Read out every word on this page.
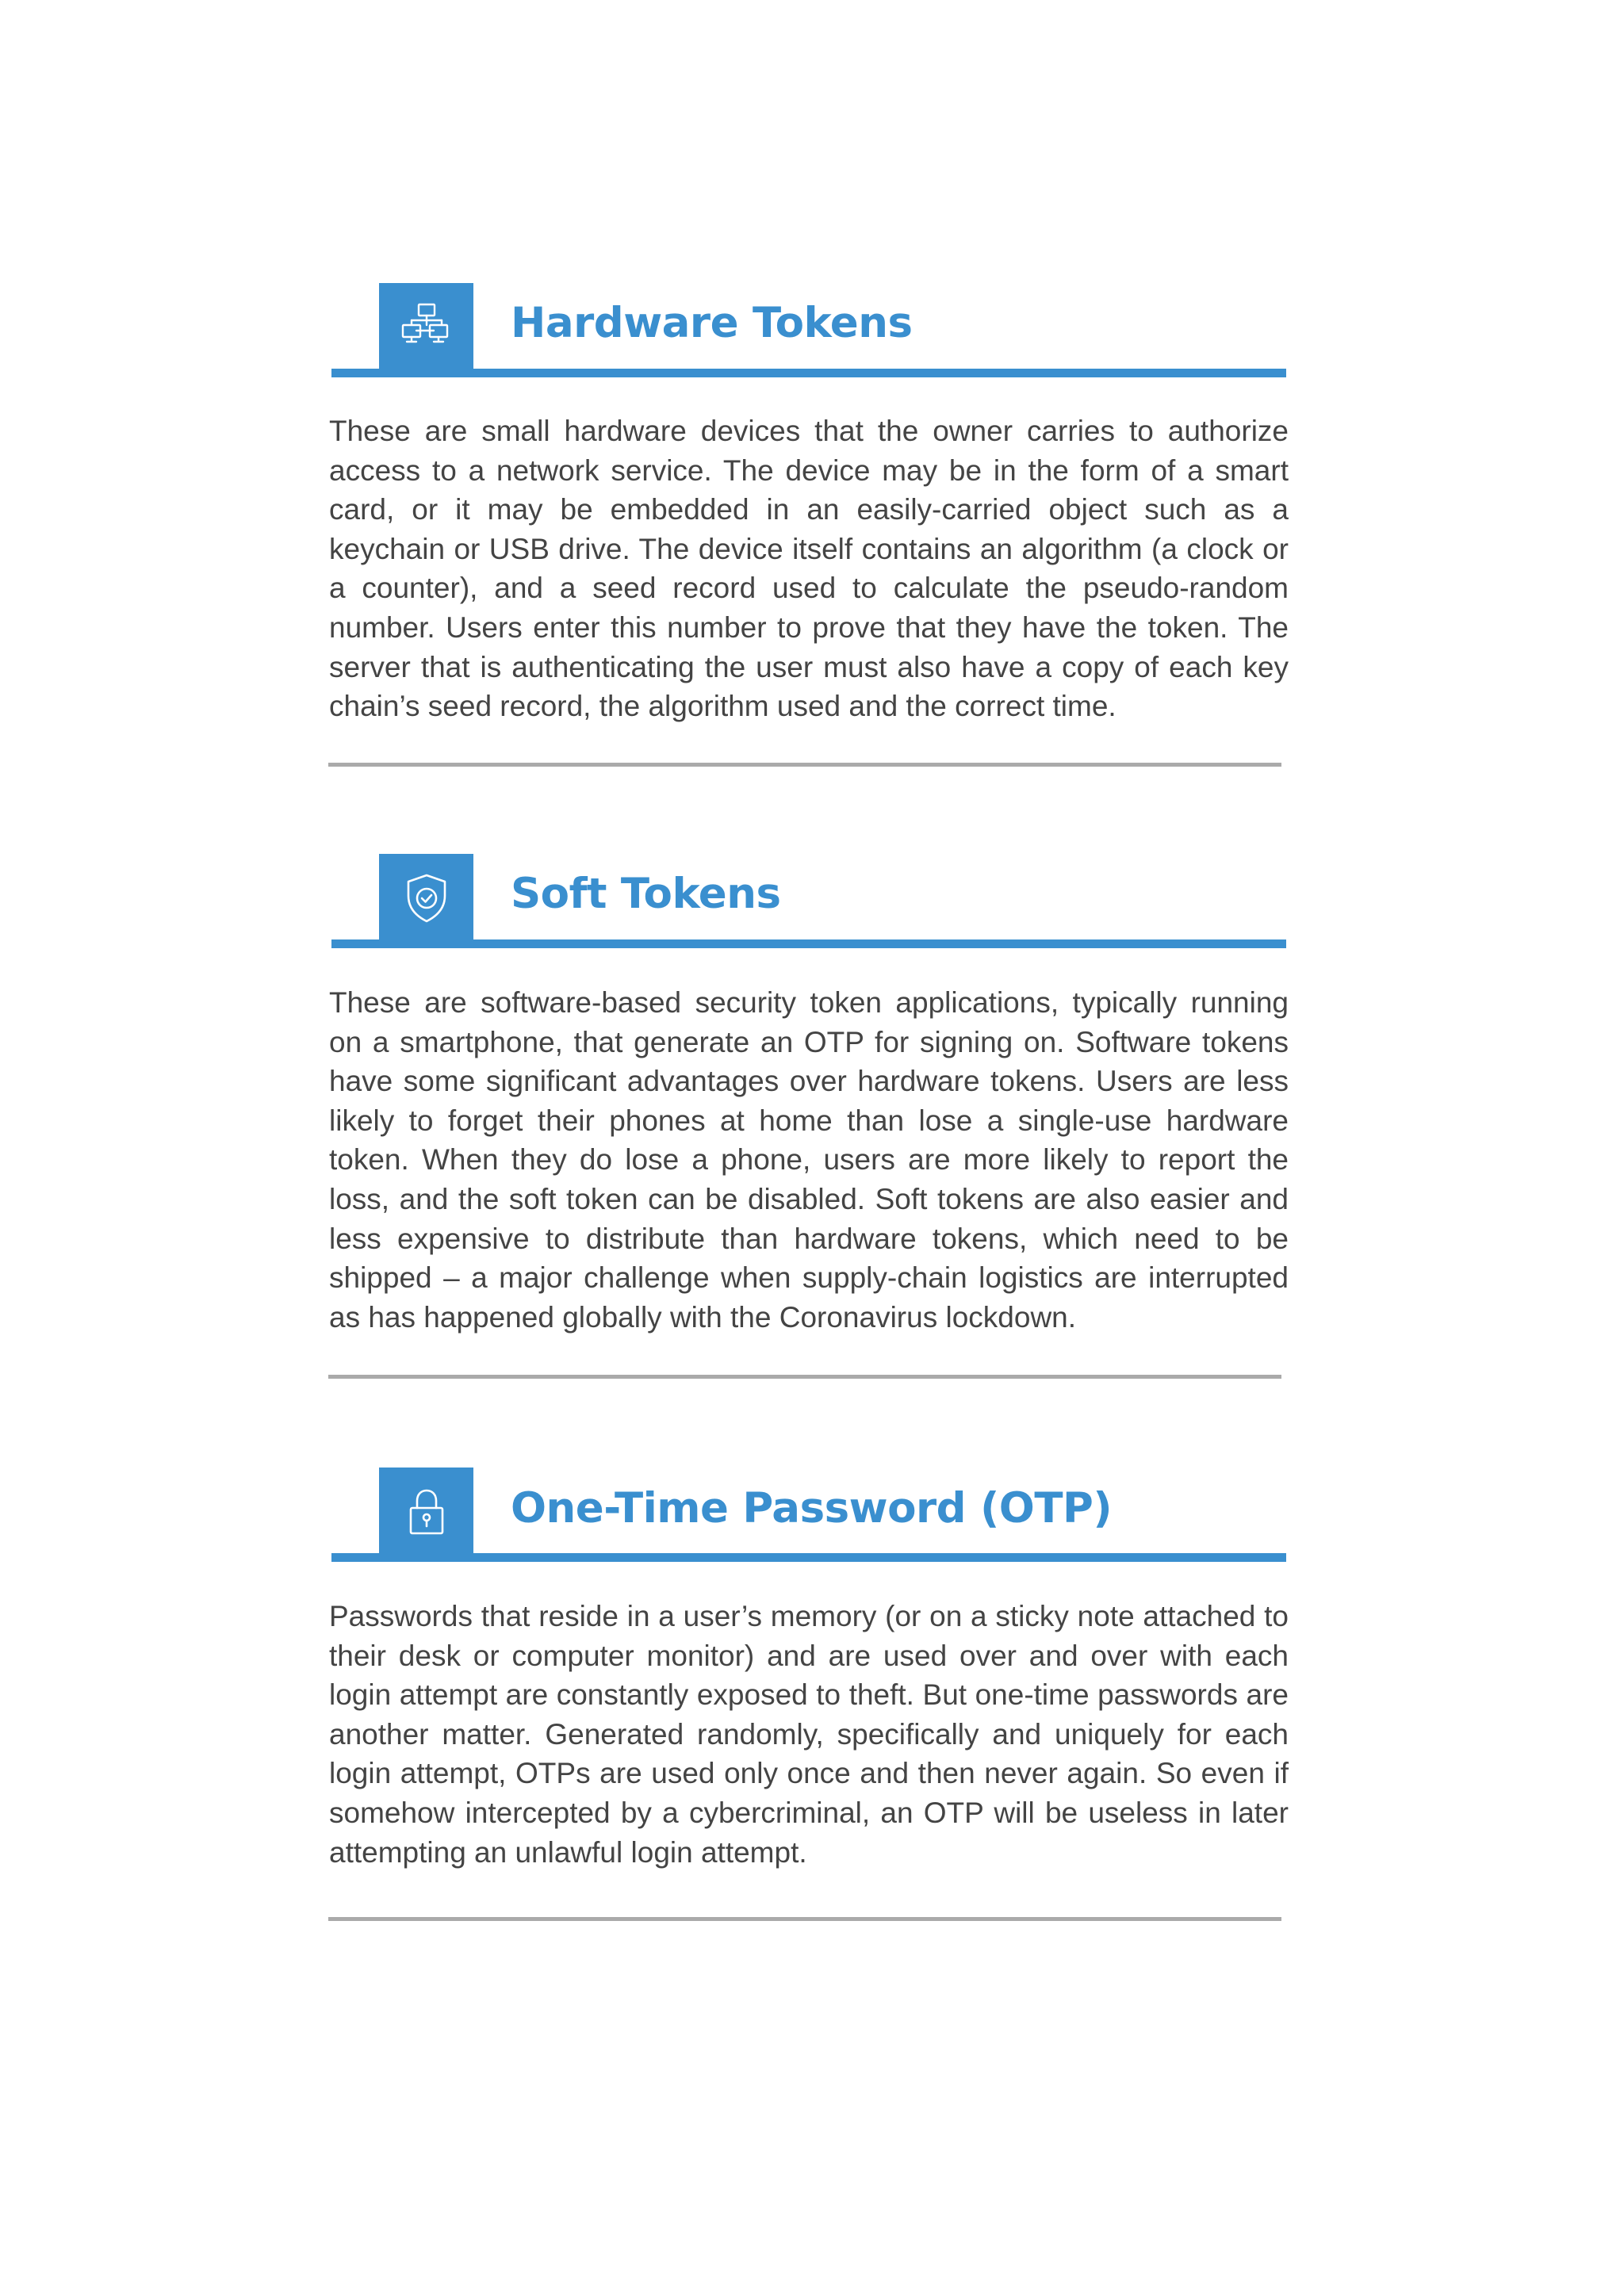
Hardware Tokens

These are small hardware devices that the owner carries to authorize access to a network service. The device may be in the form of a smart card, or it may be embedded in an easily-carried object such as a keychain or USB drive. The device itself contains an algorithm (a clock or a counter), and a seed record used to calculate the pseudo-random number. Users enter this number to prove that they have the token. The server that is authenticating the user must also have a copy of each key chain’s seed record, the algorithm used and the correct time.

Soft Tokens

These are software-based security token applications, typically running on a smartphone, that generate an OTP for signing on. Software tokens have some significant advantages over hardware tokens. Users are less likely to forget their phones at home than lose a single-use hardware token. When they do lose a phone, users are more likely to report the loss, and the soft token can be disabled. Soft tokens are also easier and less expensive to distribute than hardware tokens, which need to be shipped – a major challenge when supply-chain logistics are interrupted as has happened globally with the Coronavirus lockdown.

One-Time Password (OTP)

Passwords that reside in a user’s memory (or on a sticky note attached to their desk or computer monitor) and are used over and over with each login attempt are constantly exposed to theft. But one-time passwords are another matter. Generated randomly, specifically and uniquely for each login attempt, OTPs are used only once and then never again. So even if somehow intercepted by a cybercriminal, an OTP will be useless in later attempting an unlawful login attempt.
